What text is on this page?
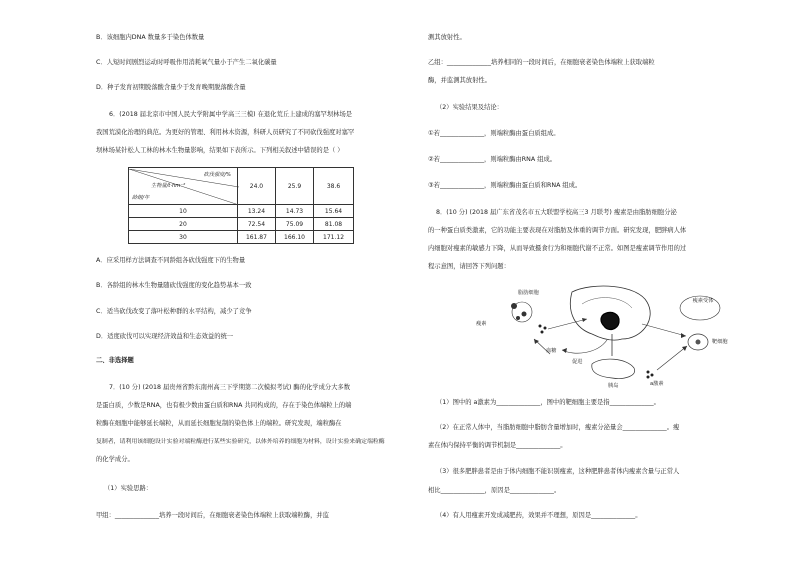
B．该细胞内DNA 数量多于染色体数量
C．人短时间剧烈运动时呼吸作用消耗氧气量小于产生二氧化碳量
D．种子发育初期脱落酸含量少于发育晚期脱落酸含量
6．(2018 届北京市中国人民大学附属中学高三三模) 在退化荒丘上建成的塞罕坝林场是
我国荒漠化治理的典范。为更好的管理、利用林木资源，科研人员研究了不同砍伐强度对塞罕
坝林场某针松人工林的林木生物量影响，结果如下表所示。下列相关叙述中错误的是（ ）
砍伐强度/%
生物量/t·hm⁻²
龄组/年	24.0	25.9	38.6
10	13.24	14.73	15.64
20	72.54	75.09	81.08
30	161.87	166.10	171.12
A．应采用样方法调查不同龄组各砍伐强度下的生物量
B．各龄组的林木生物量随砍伐强度的变化趋势基本一致
C．适当砍伐改变了落叶松种群的水平结构，减少了竞争
D．适度砍伐可以实现经济效益和生态效益的统一
二、非选择题
7．(10 分) (2018 届贵州省黔东南州高三下学期第二次模拟考试) 酶的化学成分大多数
是蛋白质，少数是RNA，也有极少数由蛋白质和RNA 共同构成的，存在于染色体端粒上的端
粒酶在细胞中能够延长端粒，从而延长细胞复制的染色体上的端粒。研究发现，端粒酶在
复制者，请利用该细胞设计实验对端粒酶进行某些实验研究，以体外培养的细胞为材料，设计实验来确定端粒酶
的化学成分。
（1）实验思路：
甲组：______________培养一段时间后，在细胞衰老染色体端粒上获取端粒酶，并监
测其放射性。
乙组：______________培养相同的一段时间后，在细胞衰老染色体端粒上获取端粒
酶，并监测其放射性。
（2）实验结果及结论：
①若______________，则端粒酶由蛋白质组成。
②若______________，则端粒酶由RNA 组成。
③若______________，则端粒酶由蛋白质和RNA 组成。
8．(10 分) (2018 届广东省茂名市五大联盟学校高三3 月联考) 瘦素是由脂肪细胞分泌
的一种蛋白质类激素，它的功能主要表现在对脂肪及体重的调节方面。研究发现，肥胖病人体
内细胞对瘦素的敏感力下降，从而导致摄食行为和细胞代谢不正常。如图是瘦素调节作用的过
程示意图，请回答下列问题：
脂肪细胞
瘦素
血糖
促进
胰岛	a激素
靶细胞
瘦素受体
（1）图中的 a激素为______________，图中的靶细胞主要是指______________。
（2）在正常人体中，当脂肪细胞中脂肪含量增加时，瘦素分泌量会______________。瘦
素在体内保持平衡的调节机制是______________。
（3）很多肥胖患者是由于体内细胞不能识别瘦素，这种肥胖患者体内瘦素含量与正常人
相比______________，原因是______________。
（4）有人用瘦素开发成减肥药，效果并不理想，原因是______________。
